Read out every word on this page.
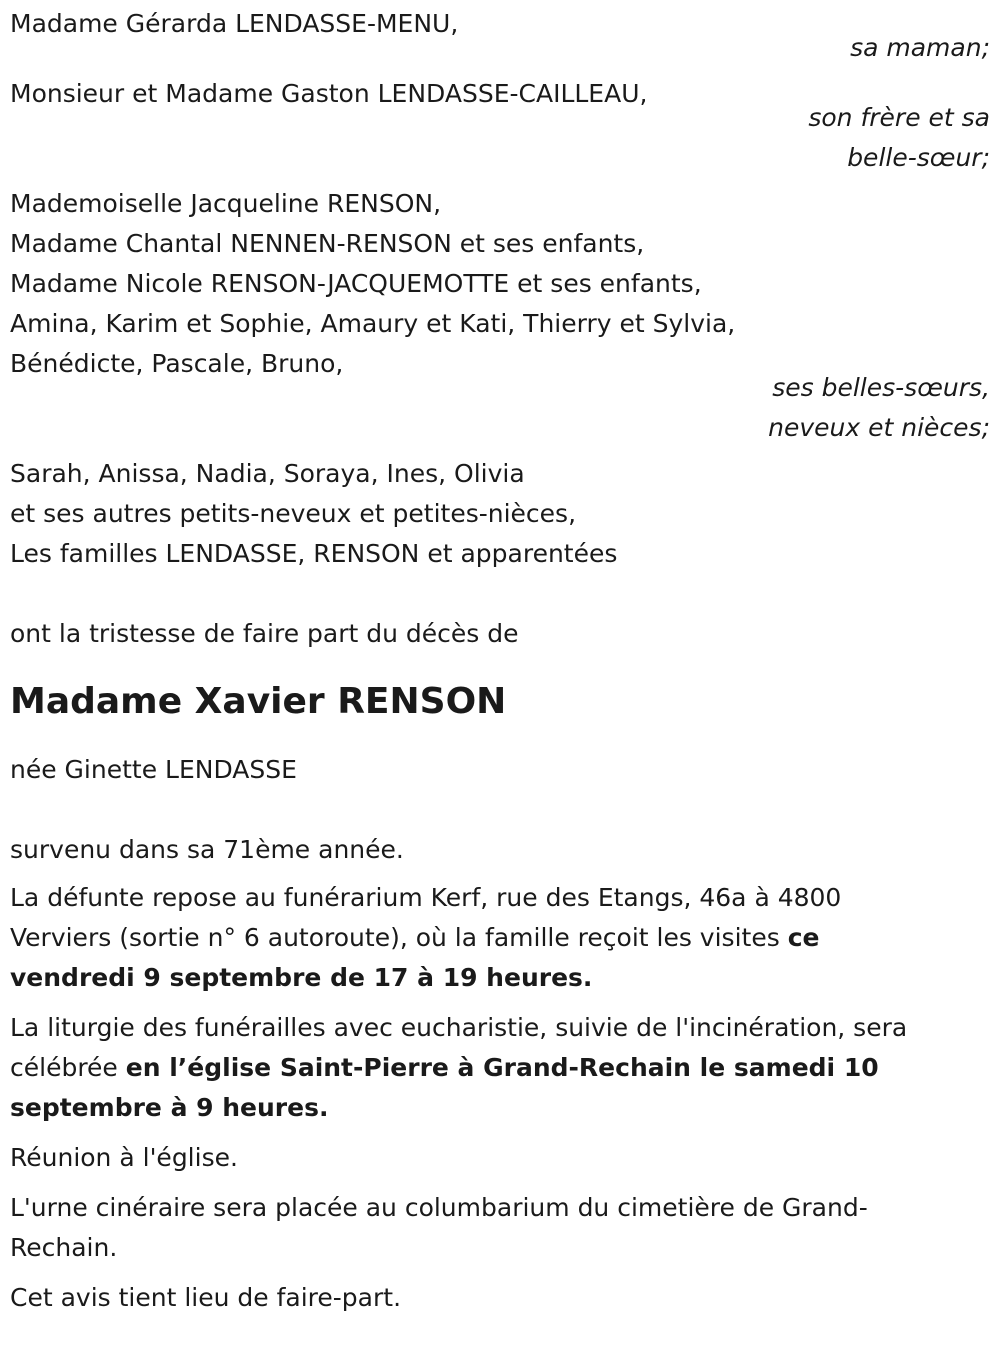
Madame Gérarda LENDASSE-MENU,
sa maman;
Monsieur et Madame Gaston LENDASSE-CAILLEAU,
son frère et sa
belle-sœur;
Mademoiselle Jacqueline RENSON,
Madame Chantal NENNEN-RENSON et ses enfants,
Madame Nicole RENSON-JACQUEMOTTE et ses enfants,
Amina, Karim et Sophie, Amaury et Kati, Thierry et Sylvia,
Bénédicte, Pascale, Bruno,
ses belles-sœurs,
neveux et nièces;
Sarah, Anissa, Nadia, Soraya, Ines, Olivia
et ses autres petits-neveux et petites-nièces,
Les familles LENDASSE, RENSON et apparentées
ont la tristesse de faire part du décès de
Madame Xavier RENSON
née Ginette LENDASSE
survenu dans sa 71ème année.
La défunte repose au funérarium Kerf, rue des Etangs, 46a à 4800
Verviers (sortie n° 6 autoroute), où la famille reçoit les visites ce
vendredi 9 septembre de 17 à 19 heures.
La liturgie des funérailles avec eucharistie, suivie de l'incinération, sera
célébrée en l’église Saint-Pierre à Grand-Rechain le samedi 10
septembre à 9 heures.
Réunion à l'église.
L'urne cinéraire sera placée au columbarium du cimetière de Grand-
Rechain.
Cet avis tient lieu de faire-part.
